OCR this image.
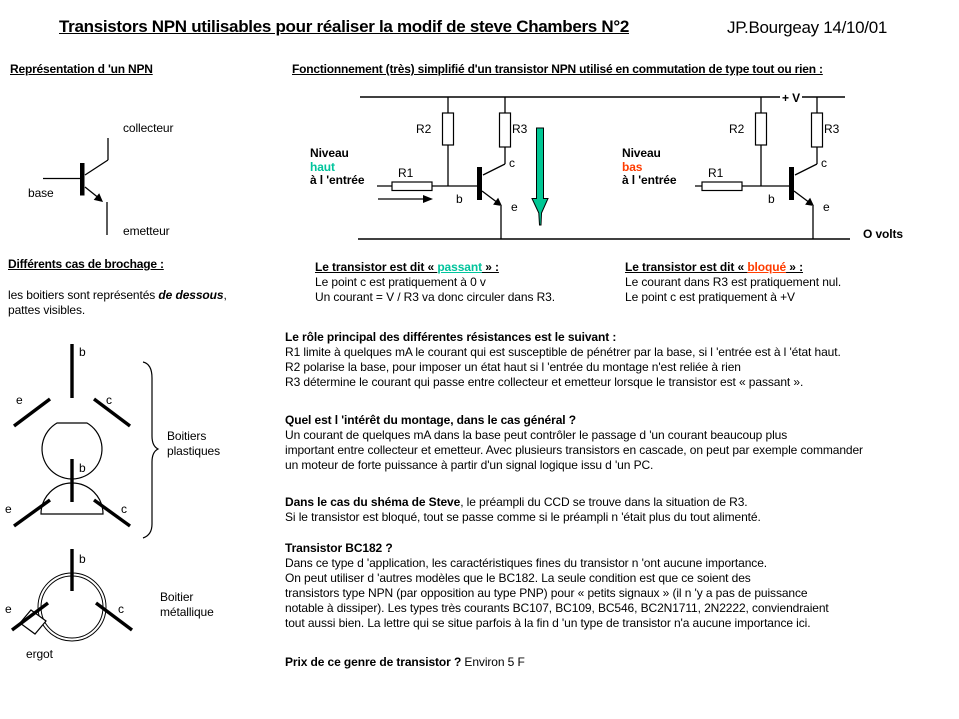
Transistors NPN utilisables pour réaliser la modif de steve Chambers N°2	JP.Bourgeay 14/10/01
Représentation d 'un NPN
collecteur
base
emetteur
Différents cas de brochage :
les boitiers sont représentés de dessous,
pattes visibles.
b
e	c
b
e	c
Boitiers
plastiques
b
e	c
ergot
Boitier
métallique
Fonctionnement (très) simplifié d'un transistor NPN utilisé en commutation de type tout ou rien :
R1
R2	R3
c
b
e
R1
R2	R3
c
b
e
Niveau
haut
à l 'entrée
Niveau
bas
à l 'entrée
+ V
O volts
Le transistor est dit « passant » :
Le point c est pratiquement à 0 v
Un courant = V / R3 va donc circuler dans R3.
Le transistor est dit « bloqué » :
Le courant dans R3 est pratiquement nul.
Le point c est pratiquement à +V
Le rôle principal des différentes résistances est le suivant :
R1 limite à quelques mA le courant qui est susceptible de pénétrer par la base, si l 'entrée est à l 'état haut.
R2 polarise la base, pour imposer un état haut si l 'entrée du montage n'est reliée à rien
R3 détermine le courant qui passe entre collecteur et emetteur lorsque le transistor est « passant ».
Quel est l 'intérêt du montage, dans le cas général ?
Un courant de quelques mA dans la base peut contrôler le passage d 'un courant beaucoup plus
important entre collecteur et emetteur. Avec plusieurs transistors en cascade, on peut par exemple commander
un moteur de forte puissance à partir d'un signal logique issu d 'un PC.
Dans le cas du shéma de Steve, le préampli du CCD se trouve dans la situation de R3.
Si le transistor est bloqué, tout se passe comme si le préampli n 'était plus du tout alimenté.
Transistor BC182 ?
Dans ce type d 'application, les caractéristiques fines du transistor n 'ont aucune importance.
On peut utiliser d 'autres modèles que le BC182. La seule condition est que ce soient des
transistors type NPN (par opposition au type PNP) pour « petits signaux » (il n 'y a pas de puissance
notable à dissiper). Les types très courants BC107, BC109, BC546, BC2N1711, 2N2222, conviendraient
tout aussi bien. La lettre qui se situe parfois à la fin d 'un type de transistor n'a aucune importance ici.
Prix de ce genre de transistor ? Environ 5 F
